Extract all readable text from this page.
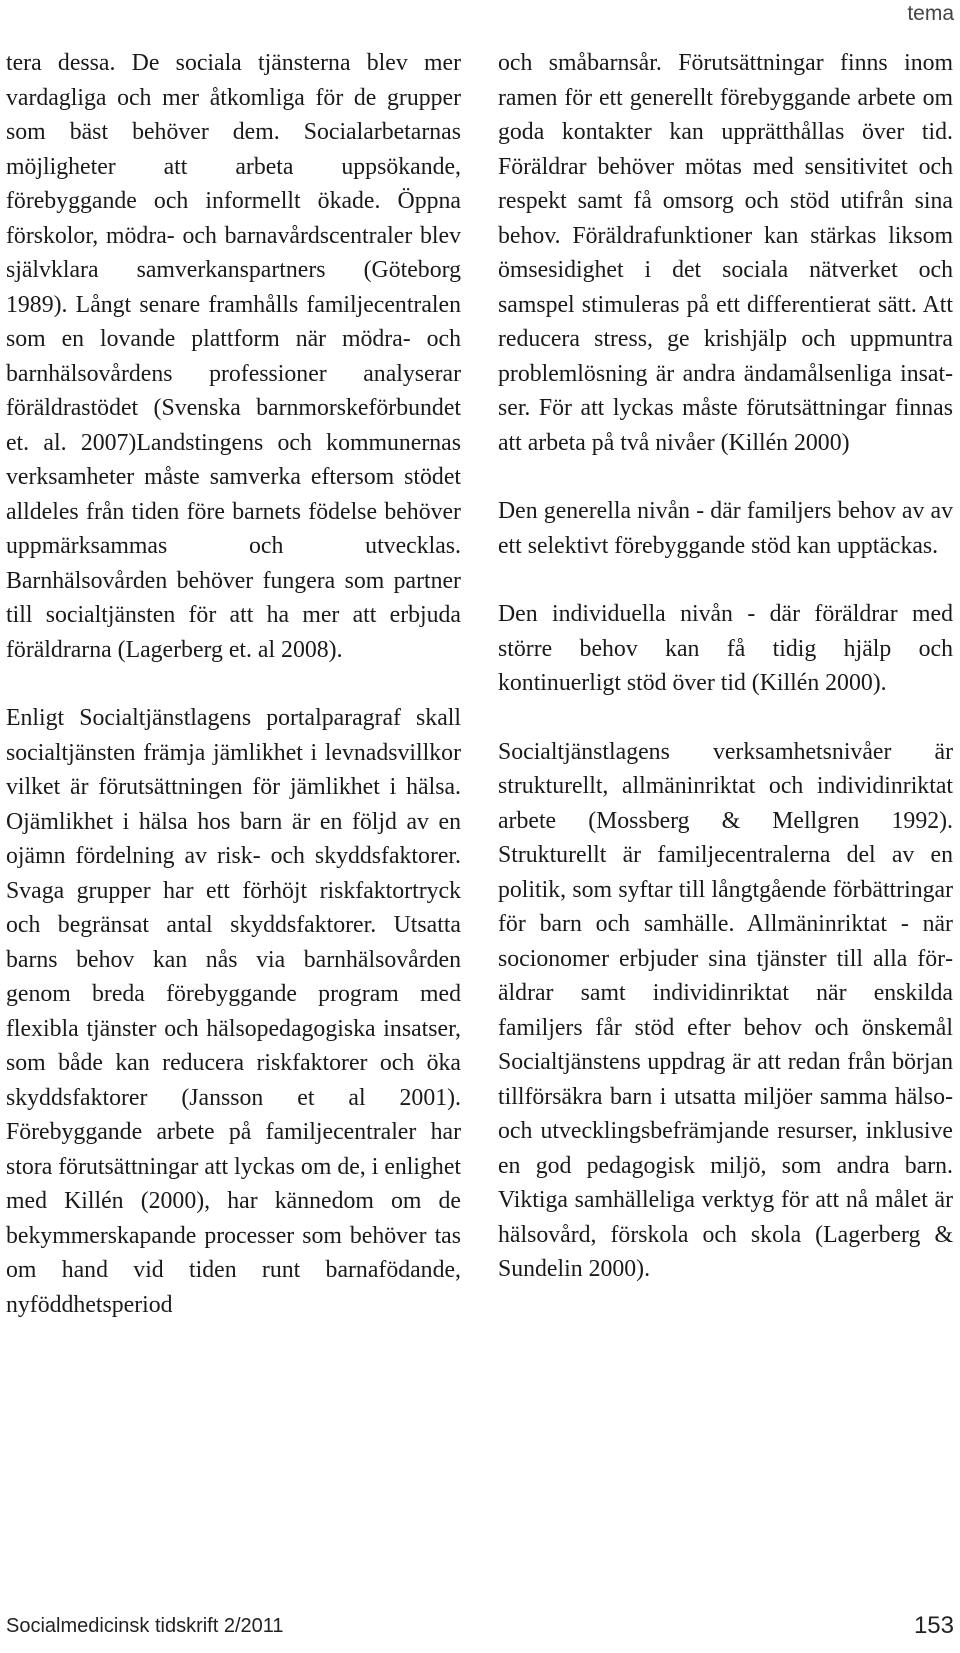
tema

tera dessa. De sociala tjänsterna blev mer vardagliga och mer åtkomliga för de grupper som bäst behöver dem. Socialarbetarnas möjligheter att arbeta uppsökande, förebyggande och informellt ökade. Öppna förskolor, mödra- och barnavårdscentraler blev självklara samverkanspartners (Göteborg 1989). Långt senare framhålls familjecentralen som en lovande plattform när mödra- och barnhälsovårdens professioner analyserar föräldrastödet (Svenska barnmorskeförbundet et. al. 2007)Landstingens och kommunernas verksamheter måste samverka eftersom stödet alldeles från tiden före barnets födelse behöver uppmärksammas och utvecklas. Barnhälsovården behöver fungera som partner till socialtjänsten för att ha mer att erbjuda föräldrarna (Lagerberg et. al 2008).

Enligt Socialtjänstlagens portalparagraf skall socialtjänsten främja jämlikhet i levnadsvillkor vilket är förutsättningen för jämlikhet i hälsa. Ojämlikhet i hälsa hos barn är en följd av en ojämn fördelning av risk- och skyddsfaktorer. Svaga grupper har ett förhöjt riskfaktortryck och begränsat antal skyddsfaktorer. Utsatta barns behov kan nås via barnhälsovården genom breda förebyggande program med flexibla tjänster och hälsopedagogiska insatser, som både kan reducera riskfaktorer och öka skyddsfaktorer (Jansson et al 2001). Förebyggande arbete på familjecentraler har stora förutsättningar att lyckas om de, i enlighet med Killén (2000), har kännedom om de bekymmerskapande processer som behöver tas om hand vid tiden runt barnafödande, nyföddhetsperiod

och småbarnsår. Förutsättningar finns inom ramen för ett generellt förebyggande arbete om goda kontakter kan upprätthållas över tid. Föräldrar behöver mötas med sensitivitet och respekt samt få omsorg och stöd utifrån sina behov. Föräldrafunktioner kan stärkas liksom ömsesidighet i det sociala nätverket och samspel stimuleras på ett differentierat sätt. Att reducera stress, ge krishjälp och uppmuntra problemlösning är andra ändamålsenliga insatser. För att lyckas måste förutsättningar finnas att arbeta på två nivåer (Killén 2000)

Den generella nivån - där familjers behov av av ett selektivt förebyggande stöd kan upptäckas.

Den individuella nivån - där föräldrar med större behov kan få tidig hjälp och kontinuerligt stöd över tid (Killén 2000).

Socialtjänstlagens verksamhetsnivåer är strukturellt, allmäninriktat och individinriktat arbete (Mossberg & Mellgren 1992). Strukturellt är familjecentralerna del av en politik, som syftar till långtgående förbättringar för barn och samhälle. Allmäninriktat - när socionomer erbjuder sina tjänster till alla föräldrar samt individinriktat när enskilda familjers får stöd efter behov och önskemål Socialtjänstens uppdrag är att redan från början tillförsäkra barn i utsatta miljöer samma hälso- och utvecklingsbefrämjande resurser, inklusive en god pedagogisk miljö, som andra barn. Viktiga samhälleliga verktyg för att nå målet är hälsovård, förskola och skola (Lagerberg & Sundelin 2000).

Socialmedicinsk tidskrift 2/2011	153
